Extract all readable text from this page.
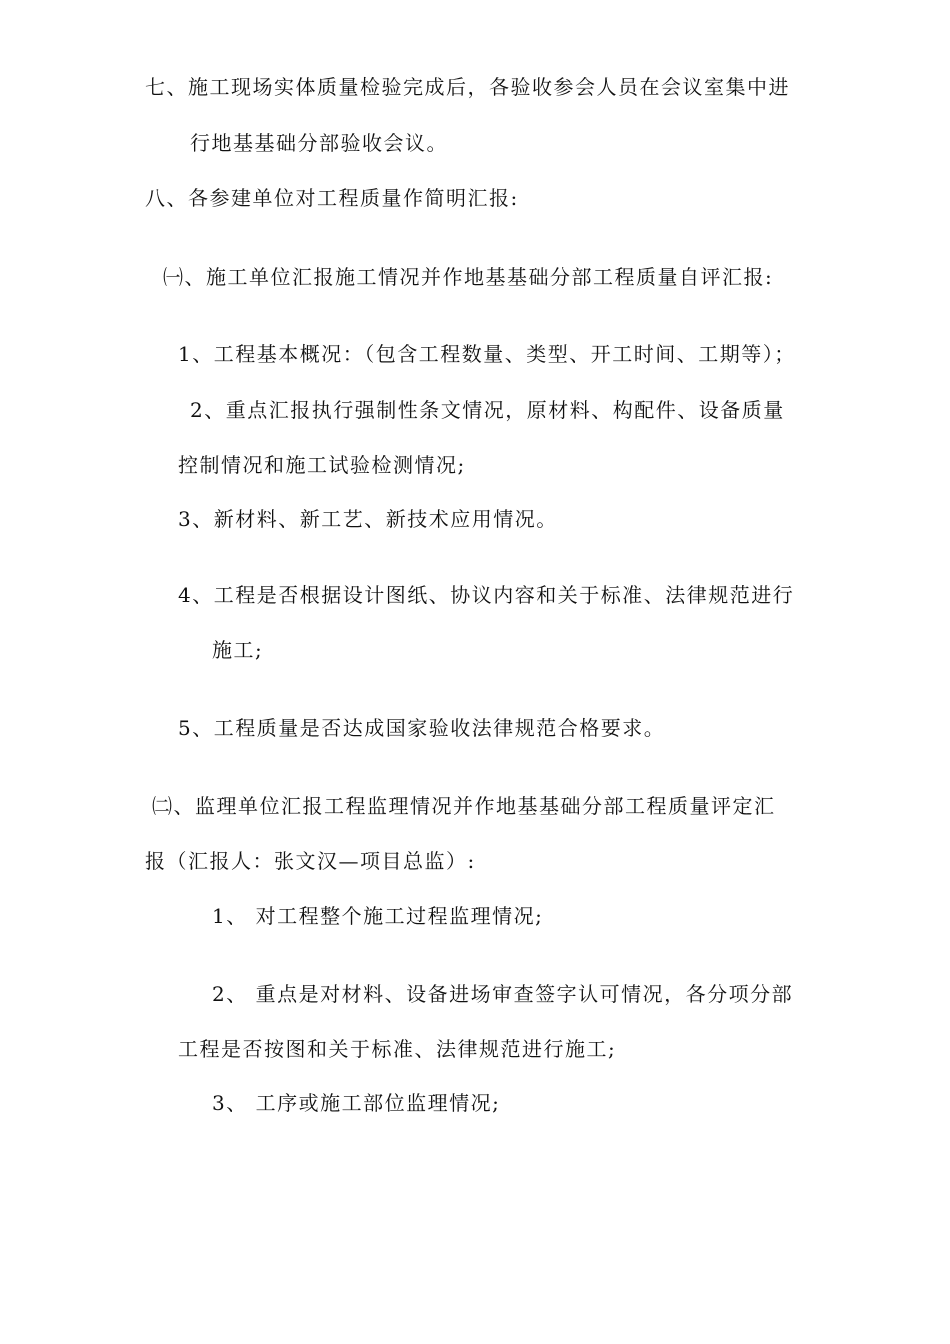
七、施工现场实体质量检验完成后，各验收参会人员在会议室集中进
行地基基础分部验收会议。
八、各参建单位对工程质量作简明汇报:
㈠、施工单位汇报施工情况并作地基基础分部工程质量自评汇报:
1、工程基本概况：（包含工程数量、类型、开工时间、工期等）；
2、重点汇报执行强制性条文情况，原材料、构配件、设备质量
控制情况和施工试验检测情况;
3、新材料、新工艺、新技术应用情况。
4、工程是否根据设计图纸、协议内容和关于标准、法律规范进行
施工;
5、工程质量是否达成国家验收法律规范合格要求。
㈡、监理单位汇报工程监理情况并作地基基础分部工程质量评定汇
报（汇报人：张文汉—项目总监）:
1、 对工程整个施工过程监理情况;
2、 重点是对材料、设备进场审查签字认可情况，各分项分部
工程是否按图和关于标准、法律规范进行施工;
3、 工序或施工部位监理情况;
